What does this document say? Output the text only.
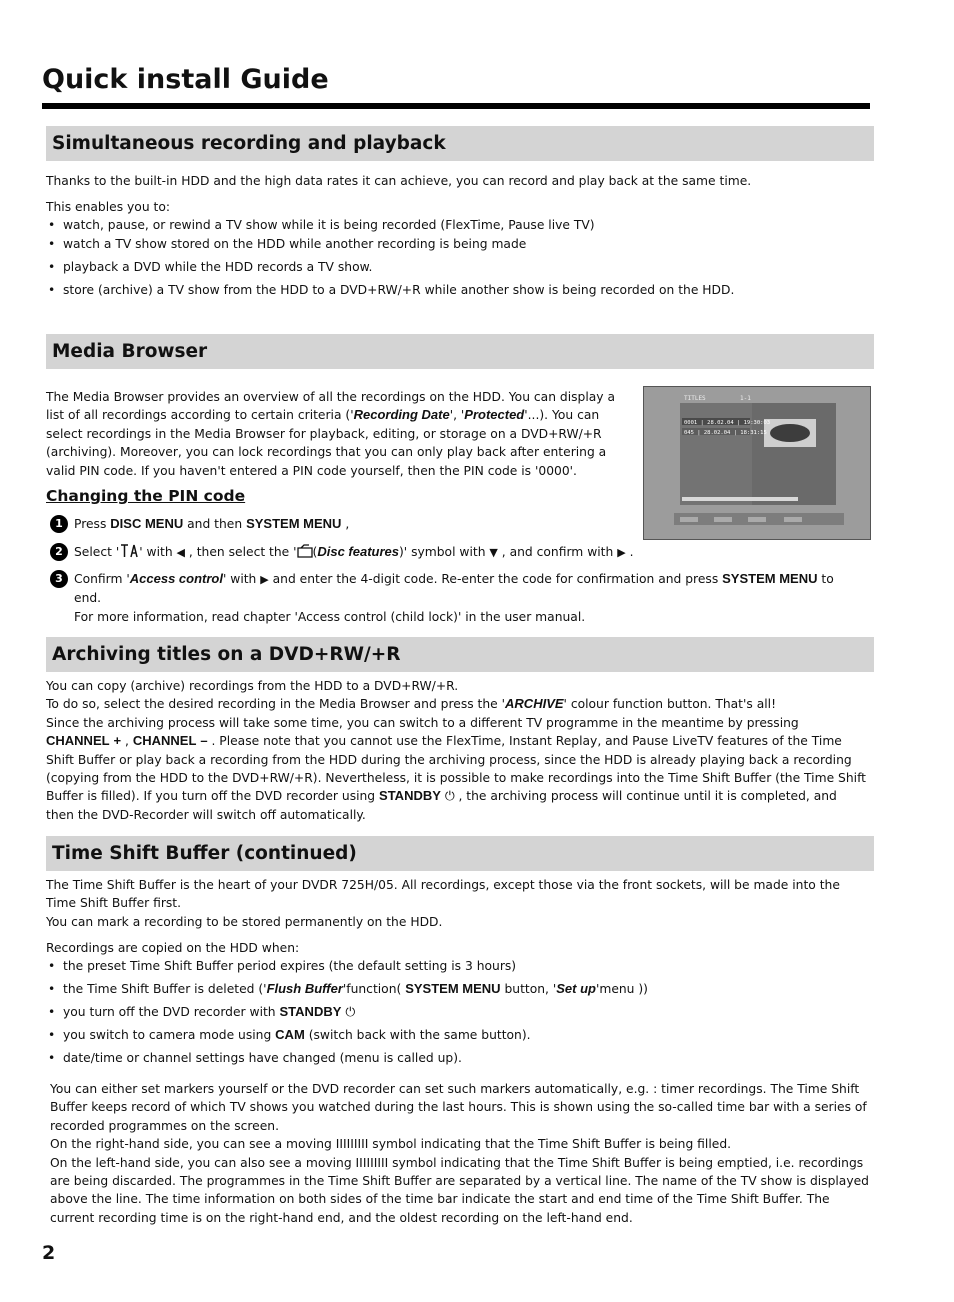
Quick install Guide
Simultaneous recording and playback

Thanks to the built-in HDD and the high data rates it can achieve, you can record and play back at the same time.

This enables you to:

• watch, pause, or rewind a TV show while it is being recorded (FlexTime, Pause live TV)
• watch a TV show stored on the HDD while another recording is being made
• playback a DVD while the HDD records a TV show.
• store (archive) a TV show from the HDD to a DVD+RW/+R while another show is being recorded on the HDD.
Media Browser

The Media Browser provides an overview of all the recordings on the HDD. You can display a list of all recordings according to certain criteria ('Recording Date', 'Protected'...). You can select recordings in the Media Browser for playback, editing, or storage on a DVD+RW/+R (archiving). Moreover, you can lock recordings that you can only play back after entering a valid PIN code. If you haven't entered a PIN code yourself, then the PIN code is '0000'.

TITLES	1-1
0001 | 28.02.04 | 19:30:03
045 | 28.02.04 | 18:31:15
Changing the PIN code
1 Press DISC MENU and then SYSTEM MENU ,
2 Select ' ' with ◀ , then select the ' (Disc features)' symbol with ▼ , and confirm with ▶ .
3 Confirm 'Access control' with ▶ and enter the 4-digit code. Re-enter the code for confirmation and press SYSTEM MENU to end.
For more information, read chapter 'Access control (child lock)' in the user manual.
Archiving titles on a DVD+RW/+R
You can copy (archive) recordings from the HDD to a DVD+RW/+R.
To do so, select the desired recording in the Media Browser and press the 'ARCHIVE' colour function button. That's all!
Since the archiving process will take some time, you can switch to a different TV programme in the meantime by pressing CHANNEL + , CHANNEL – . Please note that you cannot use the FlexTime, Instant Replay, and Pause LiveTV features of the Time Shift Buffer or play back a recording from the HDD during the archiving process, since the HDD is already playing back a recording (copying from the HDD to the DVD+RW/+R). Nevertheless, it is possible to make recordings into the Time Shift Buffer (the Time Shift Buffer is filled). If you turn off the DVD recorder using STANDBY ⏻ , the archiving process will continue until it is completed, and then the DVD-Recorder will switch off automatically.
Time Shift Buffer (continued)
The Time Shift Buffer is the heart of your DVDR 725H/05. All recordings, except those via the front sockets, will be made into the Time Shift Buffer first.
You can mark a recording to be stored permanently on the HDD.

Recordings are copied on the HDD when:

• the preset Time Shift Buffer period expires (the default setting is 3 hours)
• the Time Shift Buffer is deleted ('Flush Buffer'function( SYSTEM MENU button, 'Set up'menu ))
• you turn off the DVD recorder with STANDBY ⏻
• you switch to camera mode using CAM (switch back with the same button).
• date/time or channel settings have changed (menu is called up).
You can either set markers yourself or the DVD recorder can set such markers automatically, e.g. : timer recordings. The Time Shift Buffer keeps record of which TV shows you watched during the last hours. This is shown using the so-called time bar with a series of recorded programmes on the screen.
On the right-hand side, you can see a moving IIIIIIIII symbol indicating that the Time Shift Buffer is being filled.
On the left-hand side, you can also see a moving IIIIIIIII symbol indicating that the Time Shift Buffer is being emptied, i.e. recordings are being discarded. The programmes in the Time Shift Buffer are separated by a vertical line. The name of the TV show is displayed above the line. The time information on both sides of the time bar indicate the start and end time of the Time Shift Buffer. The current recording time is on the right-hand end, and the oldest recording on the left-hand end.
2
